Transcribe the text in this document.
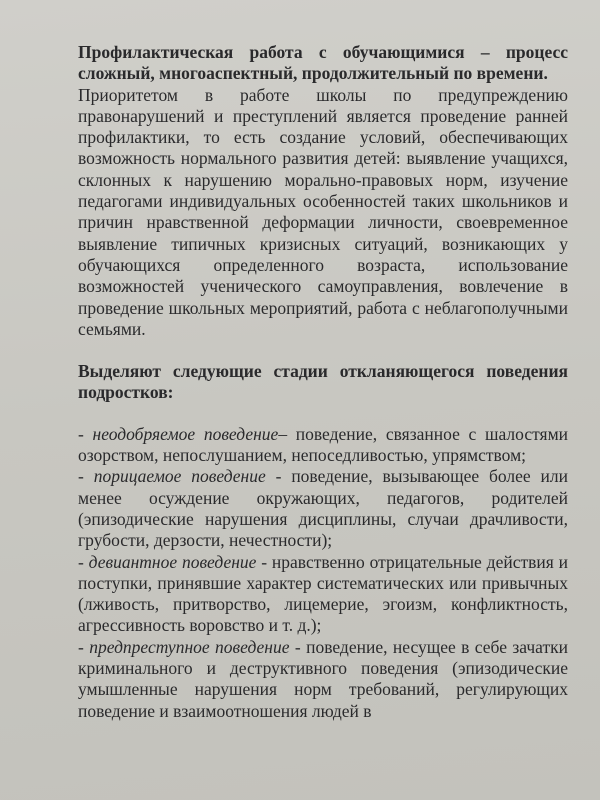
Профилактическая работа с обучающимися – процесс сложный, многоаспектный, продолжительный по времени.

Приоритетом в работе школы по предупреждению правонарушений и преступлений является проведение ранней профилактики, то есть создание условий, обеспечивающих возможность нормального развития детей: выявление учащихся, склонных к нарушению морально-правовых норм, изучение педагогами индивидуальных особенностей таких школьников и причин нравственной деформации личности, своевременное выявление типичных кризисных ситуаций, возникающих у обучающихся определенного возраста, использование возможностей ученического самоуправления, вовлечение в проведение школьных мероприятий, работа с неблагополучными семьями.

Выделяют следующие стадии откланяющегося поведения подростков:

- неодобряемое поведение– поведение, связанное с шалостями озорством, непослушанием, непоседливостью, упрямством;

- порицаемое поведение - поведение, вызывающее более или менее осуждение окружающих, педагогов, родителей (эпизодические нарушения дисциплины, случаи драчливости, грубости, дерзости, нечестности);

- девиантное поведение - нравственно отрицательные действия и поступки, принявшие характер систематических или привычных (лживость, притворство, лицемерие, эгоизм, конфликтность, агрессивность воровство и т. д.);

- предпреступное поведение - поведение, несущее в себе зачатки криминального и деструктивного поведения (эпизодические умышленные нарушения норм требований, регулирующих поведение и взаимоотношения людей в
